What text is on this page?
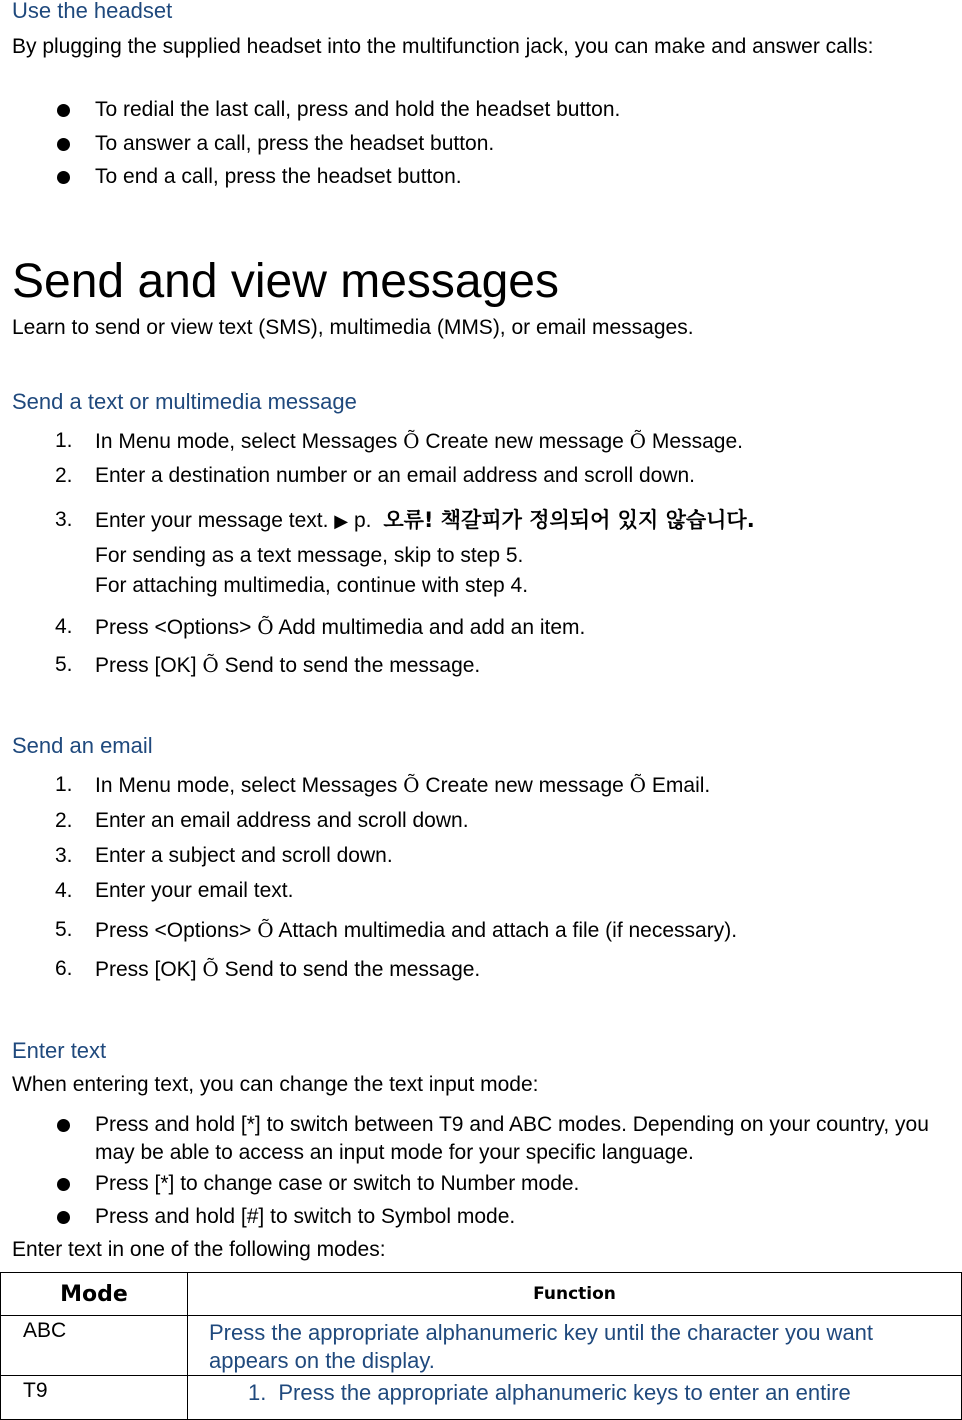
Use the headset
By plugging the supplied headset into the multifunction jack, you can make and answer calls:
To redial the last call, press and hold the headset button.
To answer a call, press the headset button.
To end a call, press the headset button.
Send and view messages
Learn to send or view text (SMS), multimedia (MMS), or email messages.
Send a text or multimedia message
1. In Menu mode, select Messages Õ Create new message Õ Message.
2. Enter a destination number or an email address and scroll down.
3. Enter your message text. ▶ p. 오류! 책갈피가 정의되어 있지 않습니다.
For sending as a text message, skip to step 5.
For attaching multimedia, continue with step 4.
4. Press <Options> Õ Add multimedia and add an item.
5. Press [OK] Õ Send to send the message.
Send an email
1. In Menu mode, select Messages Õ Create new message Õ Email.
2. Enter an email address and scroll down.
3. Enter a subject and scroll down.
4. Enter your email text.
5. Press <Options> Õ Attach multimedia and attach a file (if necessary).
6. Press [OK] Õ Send to send the message.
Enter text
When entering text, you can change the text input mode:
Press and hold [*] to switch between T9 and ABC modes. Depending on your country, you may be able to access an input mode for your specific language.
Press [*] to change case or switch to Number mode.
Press and hold [#] to switch to Symbol mode.
Enter text in one of the following modes:
Mode	Function
ABC	Press the appropriate alphanumeric key until the character you want appears on the display.
T9	1. Press the appropriate alphanumeric keys to enter an entire
